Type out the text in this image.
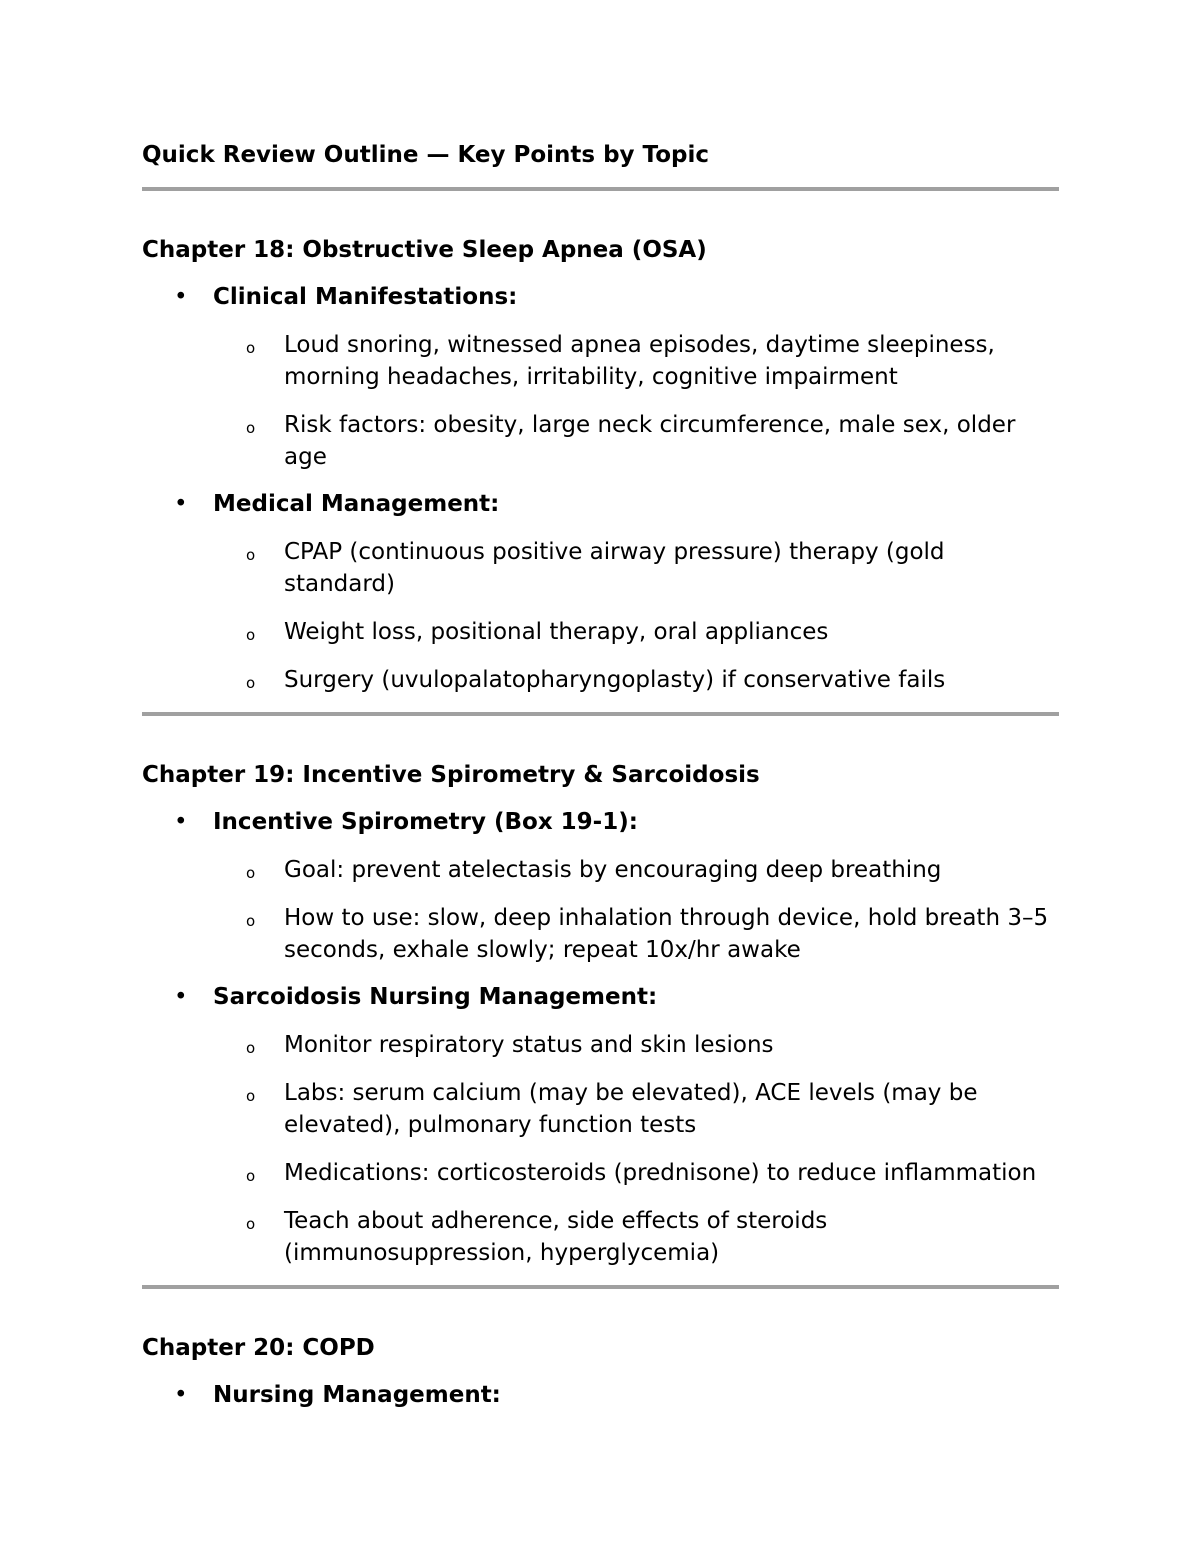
Quick Review Outline — Key Points by Topic
Chapter 18: Obstructive Sleep Apnea (OSA)
• Clinical Manifestations:
o Loud snoring, witnessed apnea episodes, daytime sleepiness, morning headaches, irritability, cognitive impairment
o Risk factors: obesity, large neck circumference, male sex, older age
• Medical Management:
o CPAP (continuous positive airway pressure) therapy (gold standard)
o Weight loss, positional therapy, oral appliances
o Surgery (uvulopalatopharyngoplasty) if conservative fails
Chapter 19: Incentive Spirometry & Sarcoidosis
• Incentive Spirometry (Box 19-1):
o Goal: prevent atelectasis by encouraging deep breathing
o How to use: slow, deep inhalation through device, hold breath 3–5 seconds, exhale slowly; repeat 10x/hr awake
• Sarcoidosis Nursing Management:
o Monitor respiratory status and skin lesions
o Labs: serum calcium (may be elevated), ACE levels (may be elevated), pulmonary function tests
o Medications: corticosteroids (prednisone) to reduce inflammation
o Teach about adherence, side effects of steroids (immunosuppression, hyperglycemia)
Chapter 20: COPD
• Nursing Management:
